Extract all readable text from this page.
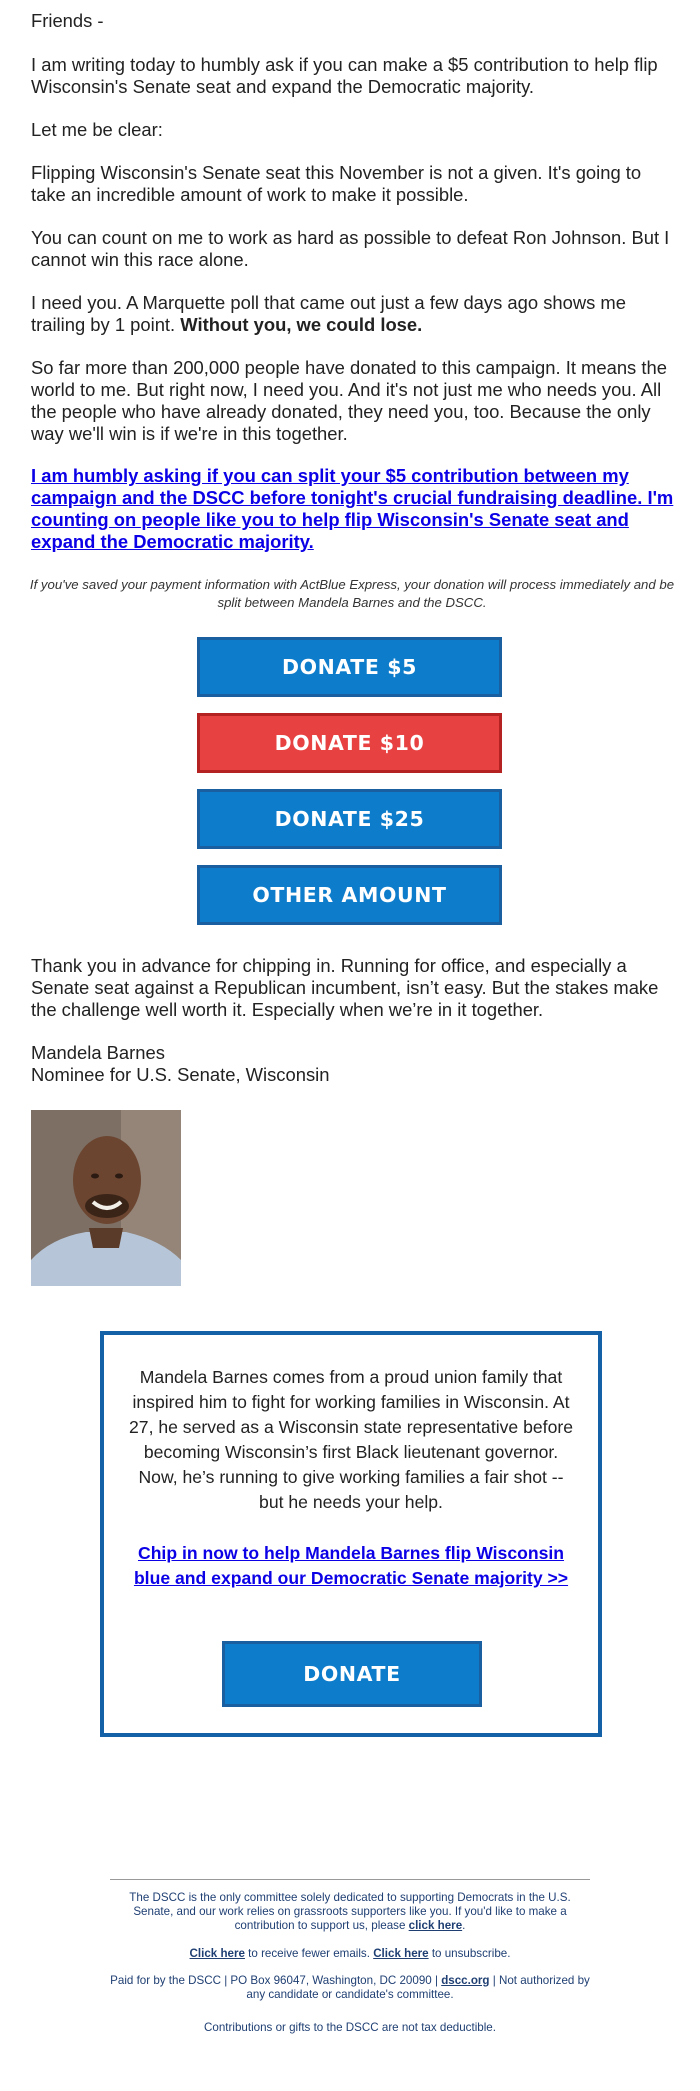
Friends -

I am writing today to humbly ask if you can make a $5 contribution to help flip Wisconsin's Senate seat and expand the Democratic majority.

Let me be clear:

Flipping Wisconsin's Senate seat this November is not a given. It's going to take an incredible amount of work to make it possible.

You can count on me to work as hard as possible to defeat Ron Johnson. But I cannot win this race alone.

I need you. A Marquette poll that came out just a few days ago shows me trailing by 1 point. Without you, we could lose.

So far more than 200,000 people have donated to this campaign. It means the world to me. But right now, I need you. And it's not just me who needs you. All the people who have already donated, they need you, too. Because the only way we'll win is if we're in this together.

I am humbly asking if you can split your $5 contribution between my campaign and the DSCC before tonight's crucial fundraising deadline. I'm counting on people like you to help flip Wisconsin's Senate seat and expand the Democratic majority.
If you've saved your payment information with ActBlue Express, your donation will process immediately and be split between Mandela Barnes and the DSCC.
DONATE $5
DONATE $10
DONATE $25
OTHER AMOUNT

Thank you in advance for chipping in. Running for office, and especially a Senate seat against a Republican incumbent, isn’t easy. But the stakes make the challenge well worth it. Especially when we’re in it together.

Mandela Barnes

Nominee for U.S. Senate, Wisconsin

Mandela Barnes comes from a proud union family that inspired him to fight for working families in Wisconsin. At 27, he served as a Wisconsin state representative before becoming Wisconsin’s first Black lieutenant governor. Now, he’s running to give working families a fair shot -- but he needs your help.
Chip in now to help Mandela Barnes flip Wisconsin blue and expand our Democratic Senate majority >>
DONATE
The DSCC is the only committee solely dedicated to supporting Democrats in the U.S. Senate, and our work relies on grassroots supporters like you. If you'd like to make a contribution to support us, please click here.
Click here to receive fewer emails. Click here to unsubscribe.
Paid for by the DSCC | PO Box 96047, Washington, DC 20090 | dscc.org | Not authorized by any candidate or candidate's committee.
Contributions or gifts to the DSCC are not tax deductible.
